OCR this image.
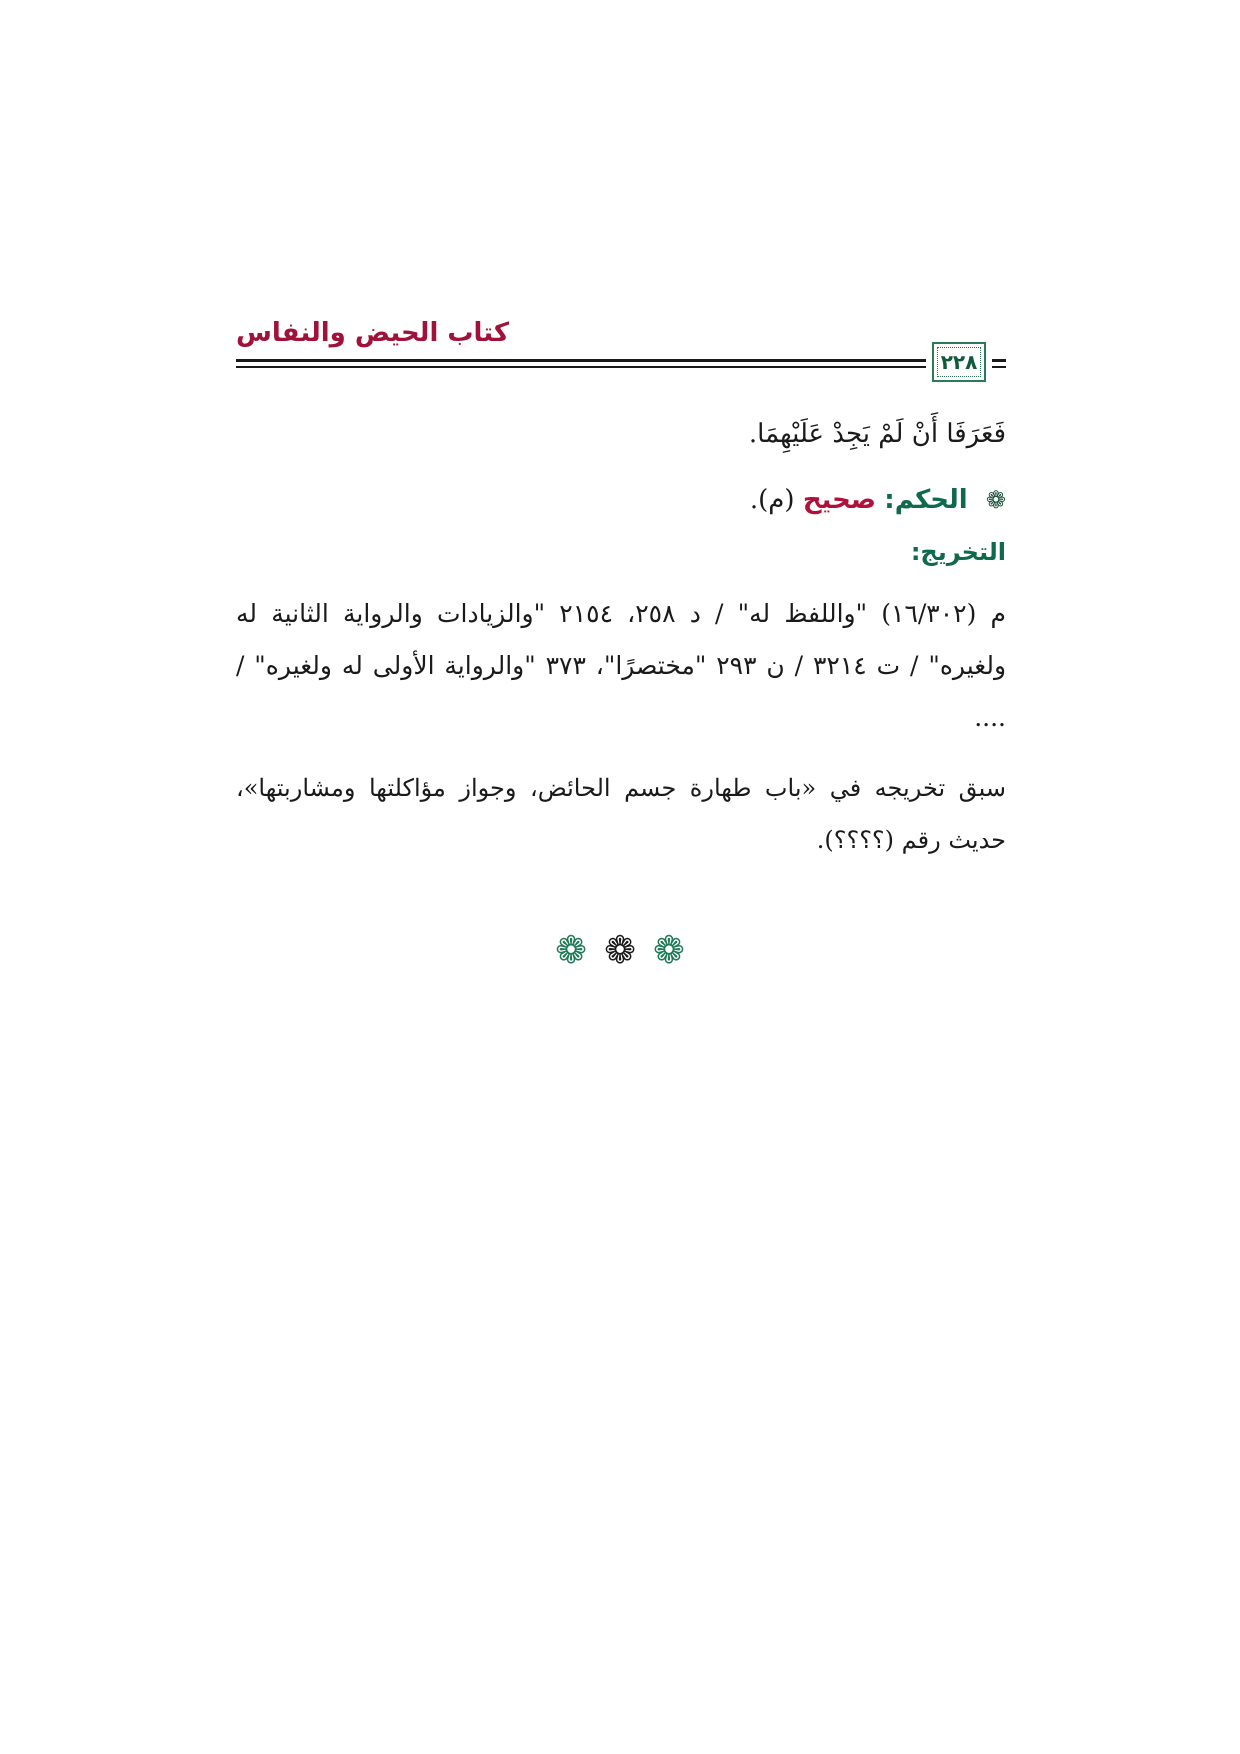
كتاب الحيض والنفاس
٢٢٨

فَعَرَفَا أَنْ لَمْ يَجِدْ عَلَيْهِمَا.

❁ الحكم: صحيح (م).

التخريج:

م (١٦/٣٠٢) "واللفظ له" / د ٢٥٨، ٢١٥٤ "والزيادات والرواية الثانية له ولغيره" / ت ٣٢١٤ / ن ٢٩٣ "مختصرًا"، ٣٧٣ "والرواية الأولى له ولغيره" / ....

سبق تخريجه في «باب طهارة جسم الحائض، وجواز مؤاكلتها ومشاربتها»، حديث رقم (؟؟؟؟).

❁ ❁ ❁
